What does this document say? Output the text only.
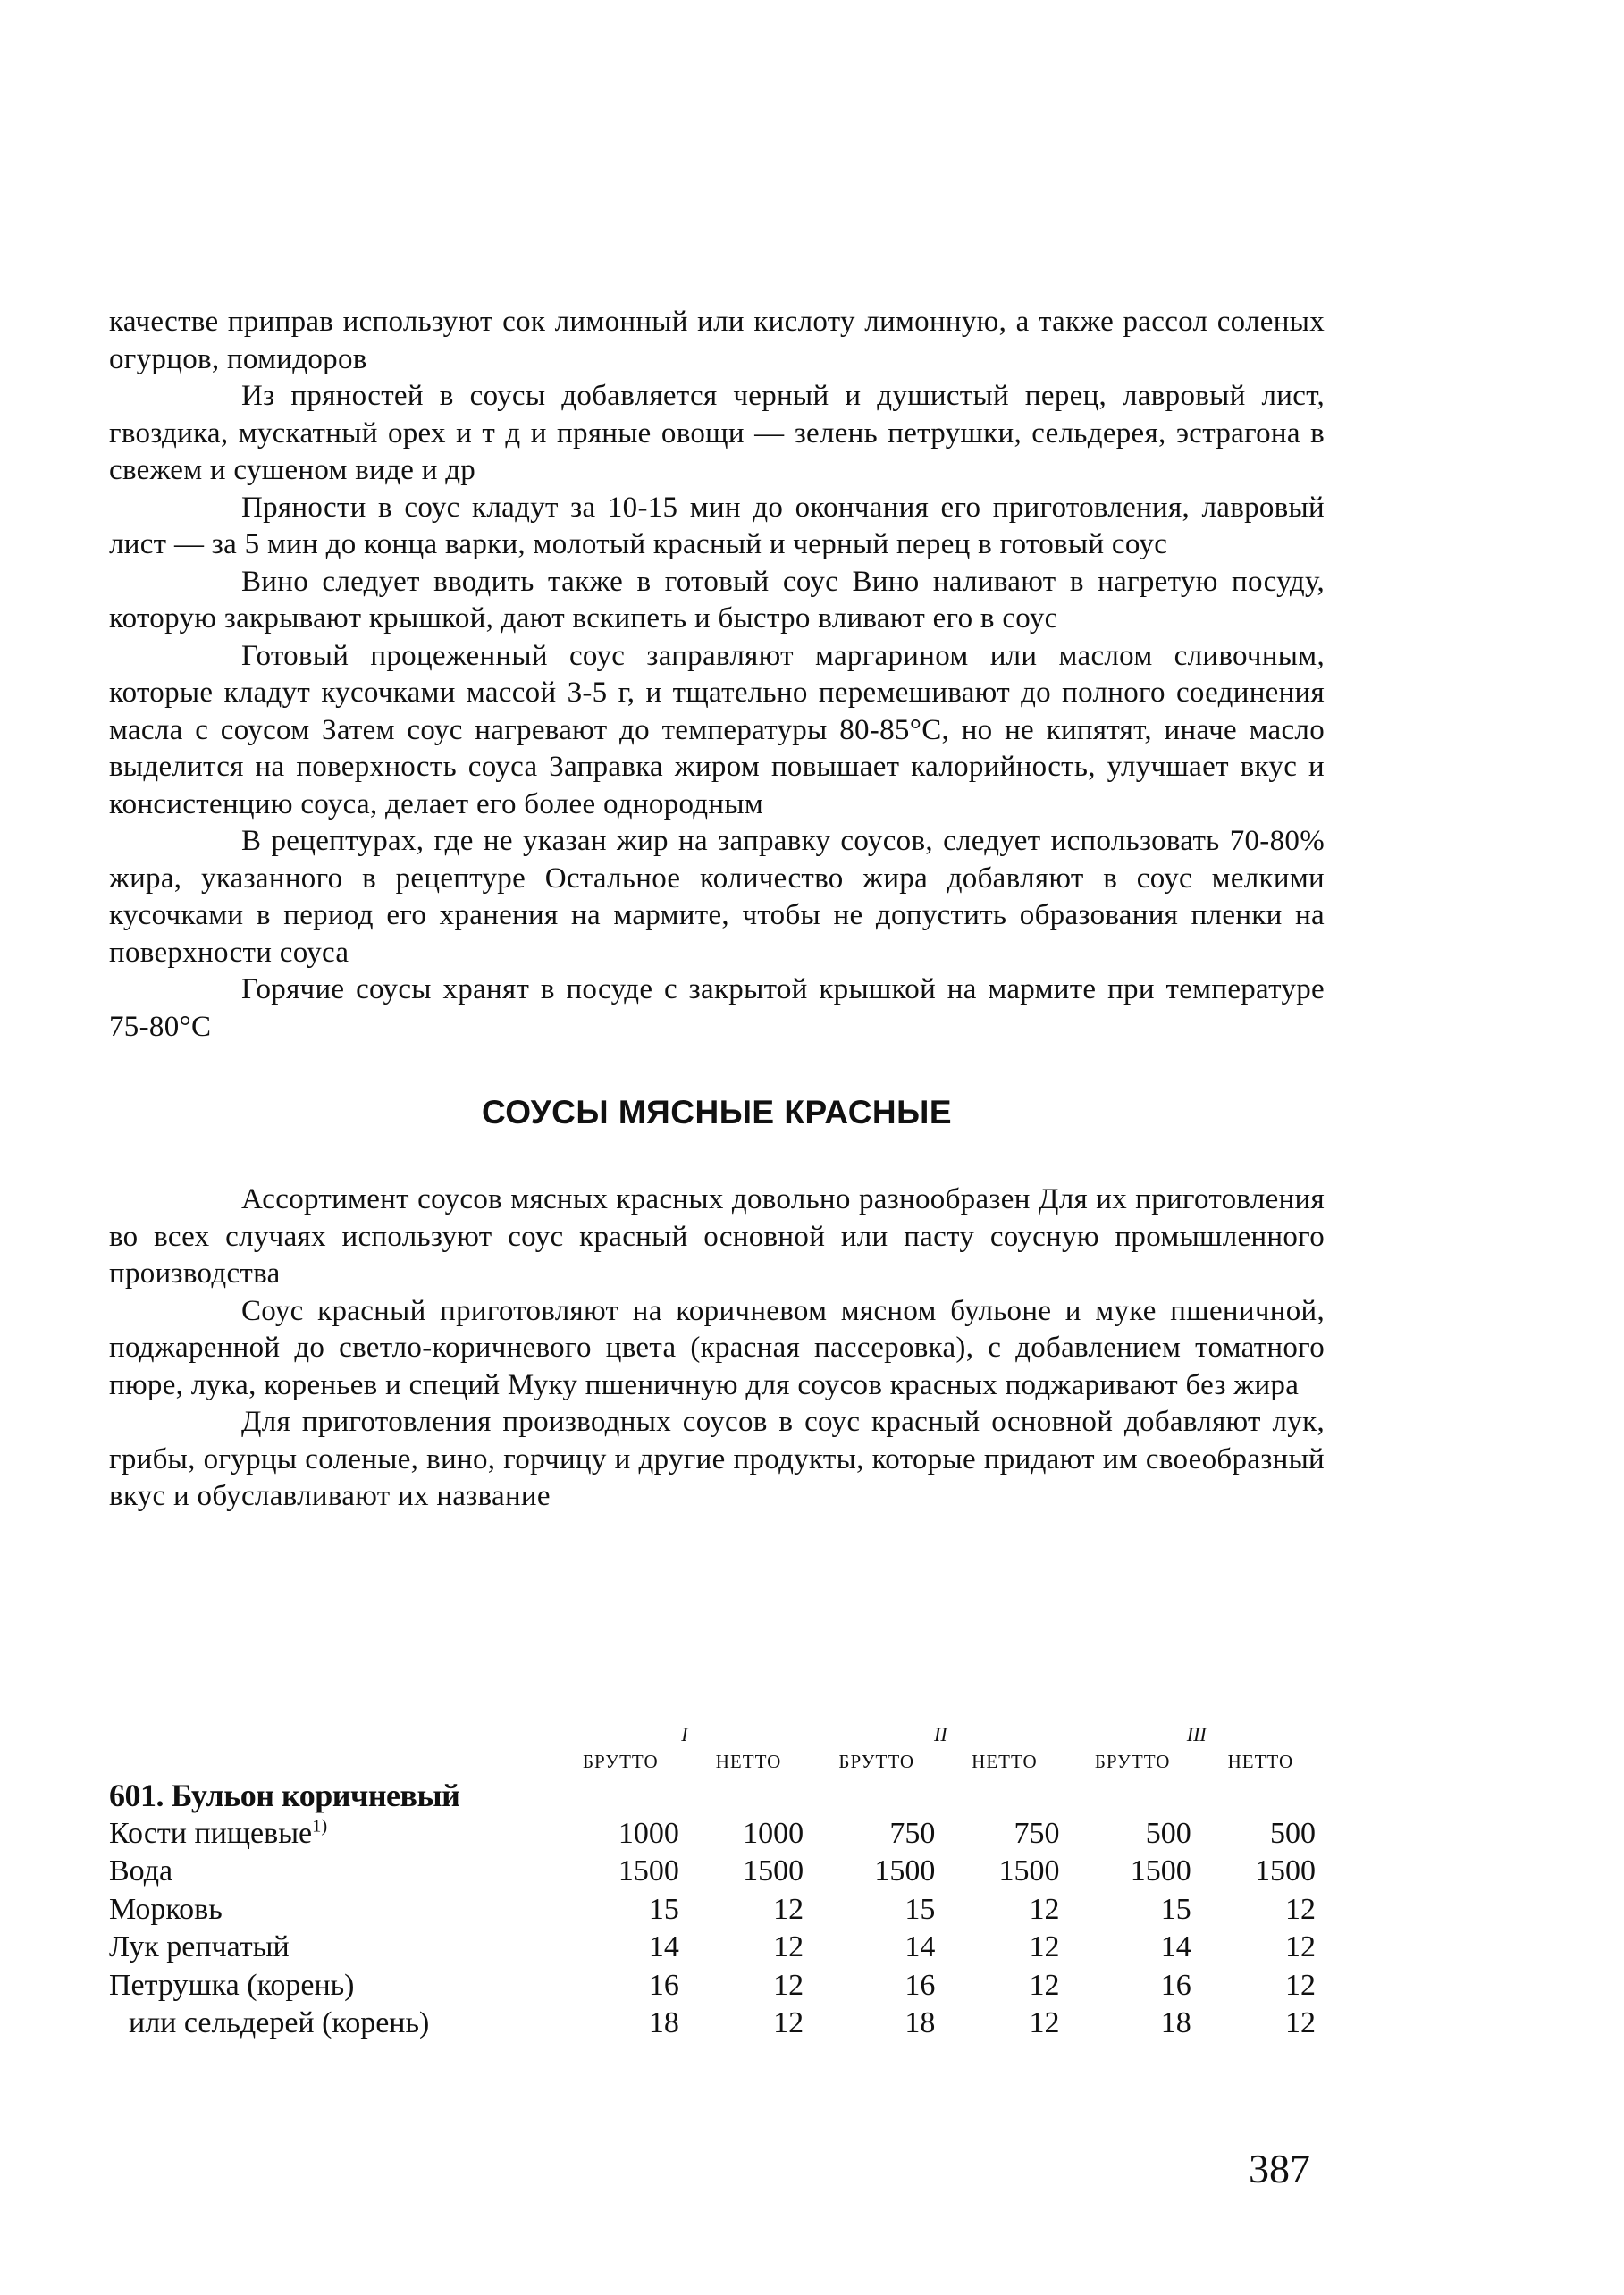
качестве приправ используют сок лимонный или кислоту лимонную, а также рассол соленых огурцов, помидоров

Из пряностей в соусы добавляется черный и душистый перец, лавровый лист, гвоздика, мускатный орех и т д и пряные овощи — зелень петрушки, сельдерея, эстрагона в свежем и сушеном виде и др

Пряности в соус кладут за 10-15 мин до окончания его приготовления, лавровый лист — за 5 мин до конца варки, молотый красный и черный перец в готовый соус

Вино следует вводить также в готовый соус Вино наливают в нагретую посуду, которую закрывают крышкой, дают вскипеть и быстро вливают его в соус

Готовый процеженный соус заправляют маргарином или маслом сливочным, которые кладут кусочками массой 3-5 г, и тщательно перемешивают до полного соединения масла с соусом Затем соус нагревают до температуры 80-85°С, но не кипятят, иначе масло выделится на поверхность соуса Заправка жиром повышает калорийность, улучшает вкус и консистенцию соуса, делает его более однородным

В рецептурах, где не указан жир на заправку соусов, следует использовать 70-80% жира, указанного в рецептуре Остальное количество жира добавляют в соус мелкими кусочками в период его хранения на мармите, чтобы не допустить образования пленки на поверхности соуса

Горячие соусы хранят в посуде с закрытой крышкой на мармите при температуре 75-80°С

СОУСЫ МЯСНЫЕ КРАСНЫЕ

Ассортимент соусов мясных красных довольно разнообразен Для их приготовления во всех случаях используют соус красный основной или пасту соусную промышленного производства

Соус красный приготовляют на коричневом мясном бульоне и муке пшеничной, поджаренной до светло-коричневого цвета (красная пассеровка), с добавлением томатного пюре, лука, кореньев и специй Муку пшеничную для соусов красных поджаривают без жира

Для приготовления производных соусов в соус красный основной добавляют лук, грибы, огурцы соленые, вино, горчицу и другие продукты, которые придают им своеобразный вкус и обуславливают их название

	I		II		III	
	БРУТТО	НЕТТО	БРУТТО	НЕТТО	БРУТТО	НЕТТО
601. Бульон коричневый						
Кости пищевые$^{1)}$	1000	1000	750	750	500	500
Вода	1500	1500	1500	1500	1500	1500
Морковь	15	12	15	12	15	12
Лук репчатый	14	12	14	12	14	12
Петрушка (корень)	16	12	16	12	16	12
или сельдерей (корень)	18	12	18	12	18	12
387
